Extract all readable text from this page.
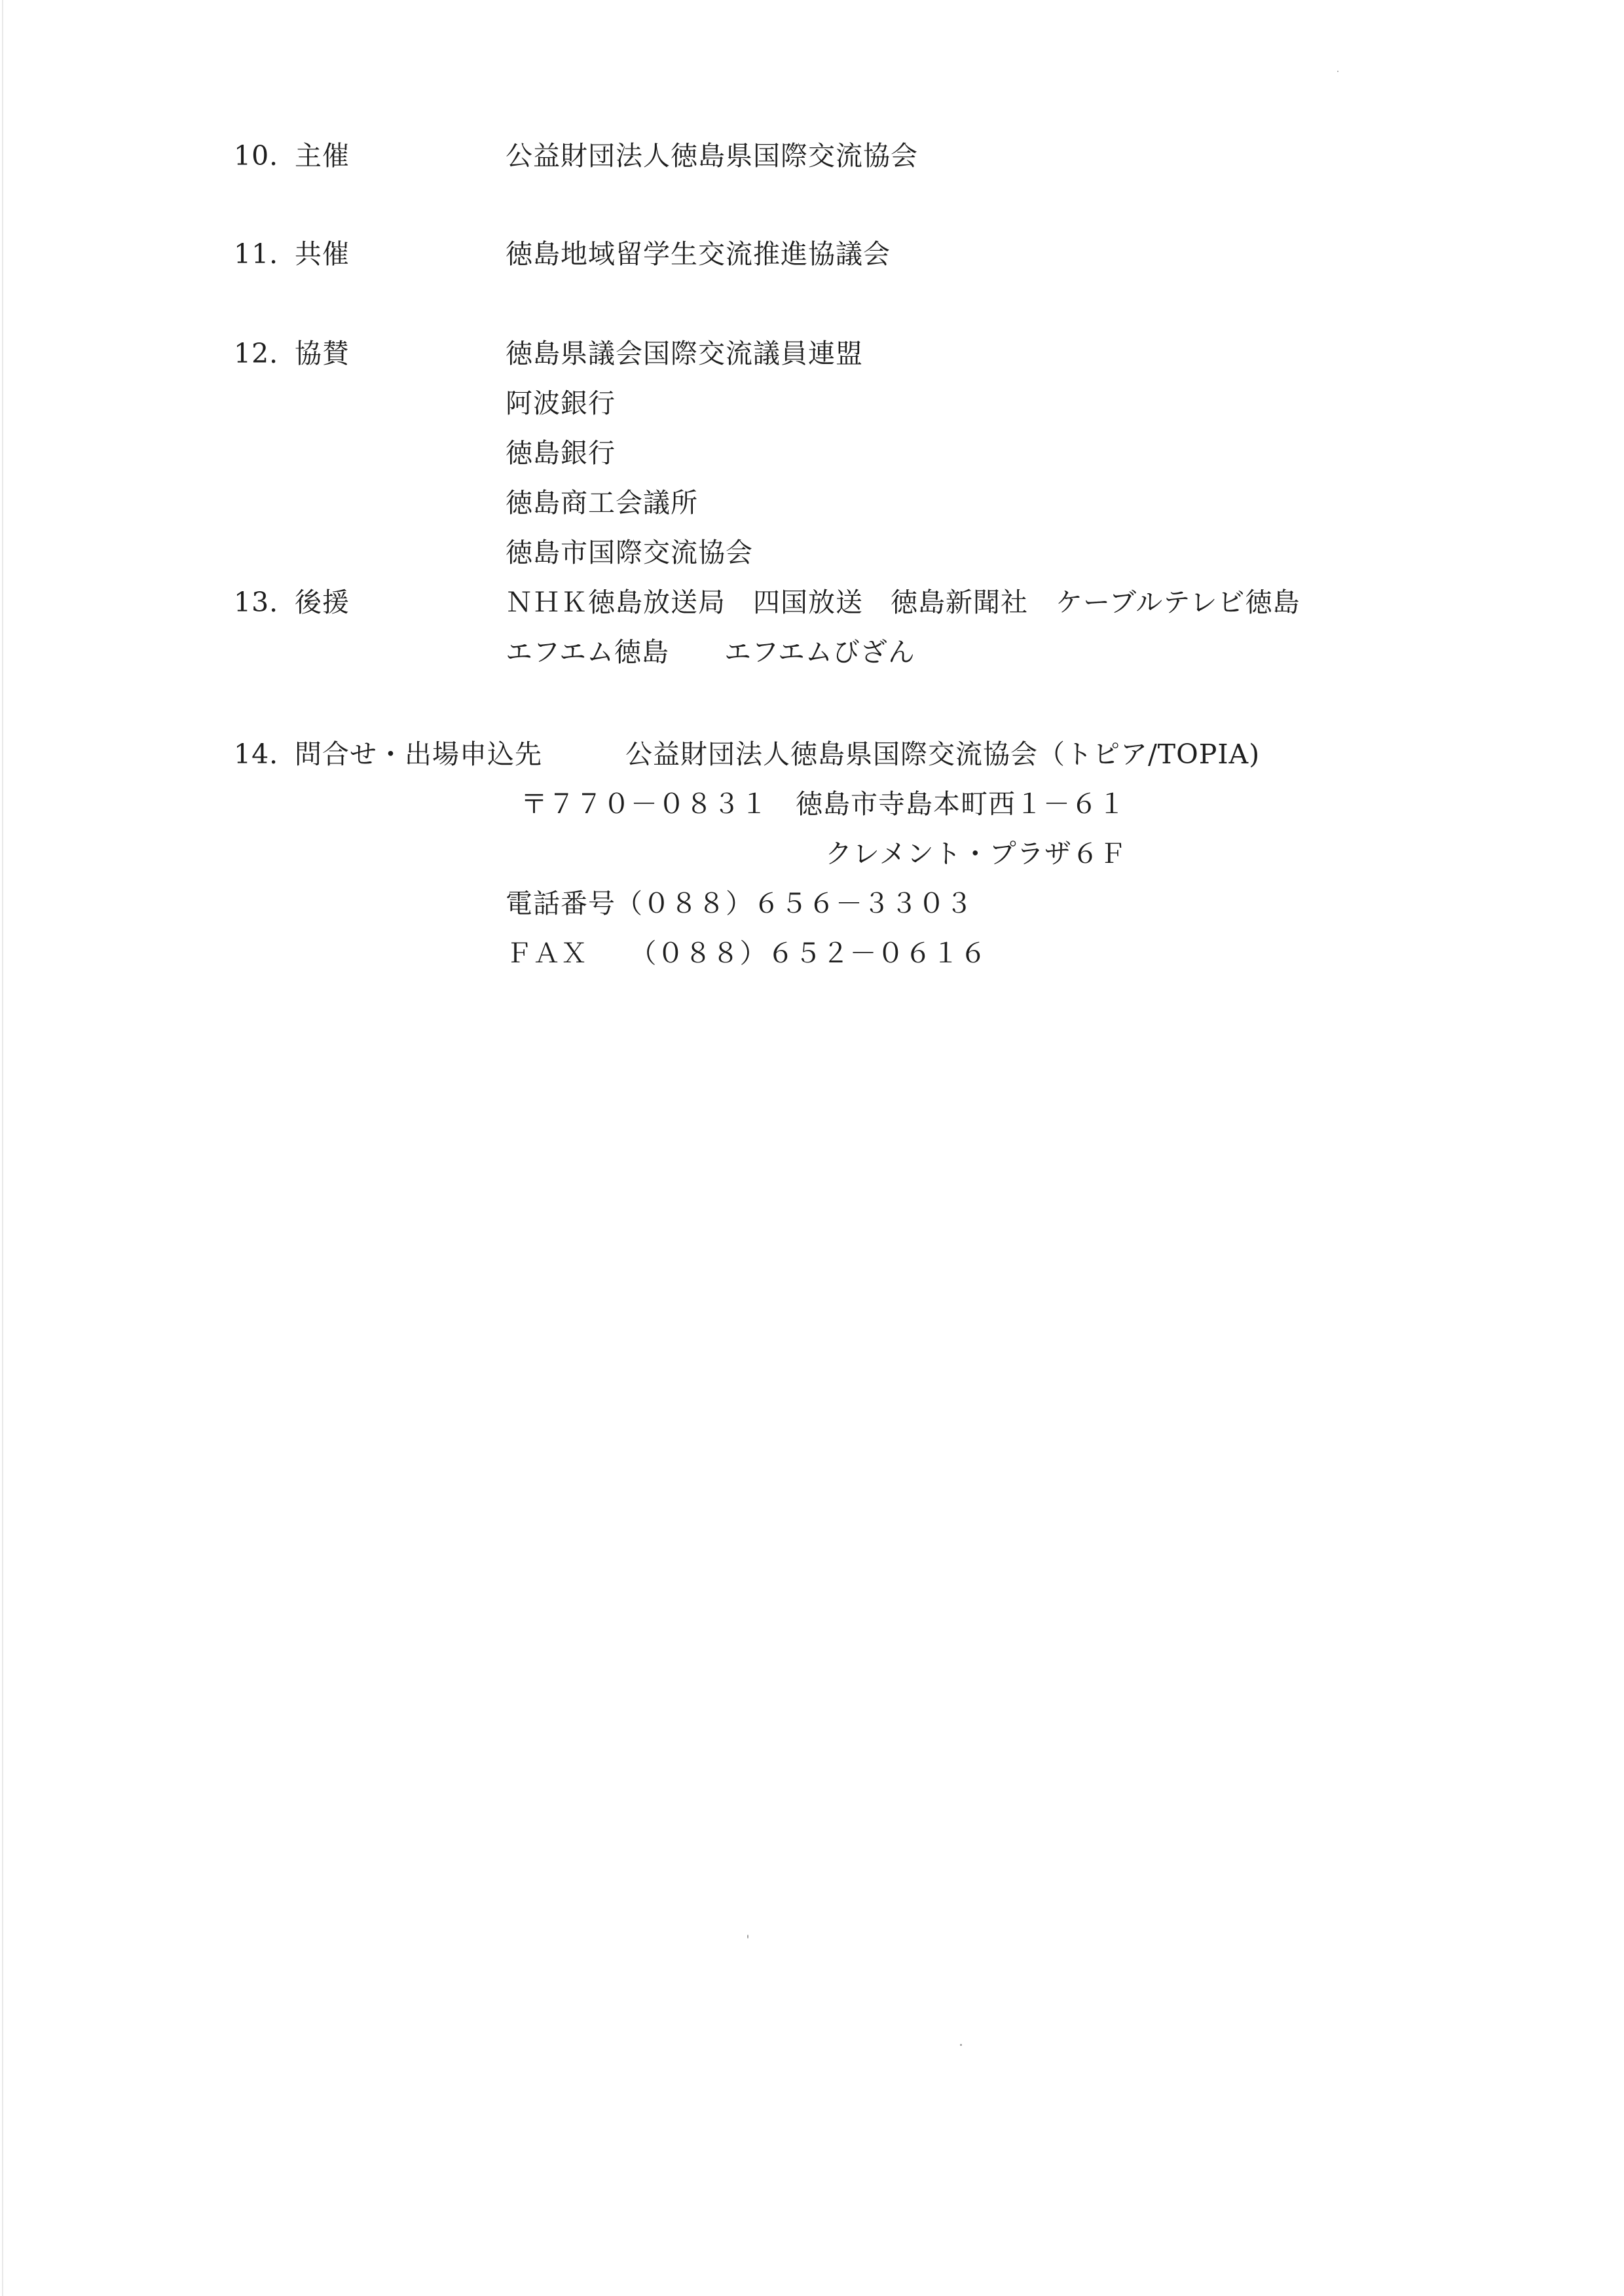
10. 主催	公益財団法人徳島県国際交流協会
11. 共催	徳島地域留学生交流推進協議会
12. 協賛	徳島県議会国際交流議員連盟
阿波銀行
徳島銀行
徳島商工会議所
徳島市国際交流協会
13. 後援	ＮＨＫ徳島放送局　四国放送　徳島新聞社　ケーブルテレビ徳島
エフエム徳島　　エフエムびざん
14. 問合せ・出場申込先	公益財団法人徳島県国際交流協会（トピア/TOPIA)
〒７７０－０８３１　徳島市寺島本町西１－６１
クレメント・プラザ６Ｆ
電話番号（０８８）６５６－３３０３
ＦＡＸ　　（０８８）６５２－０６１６
